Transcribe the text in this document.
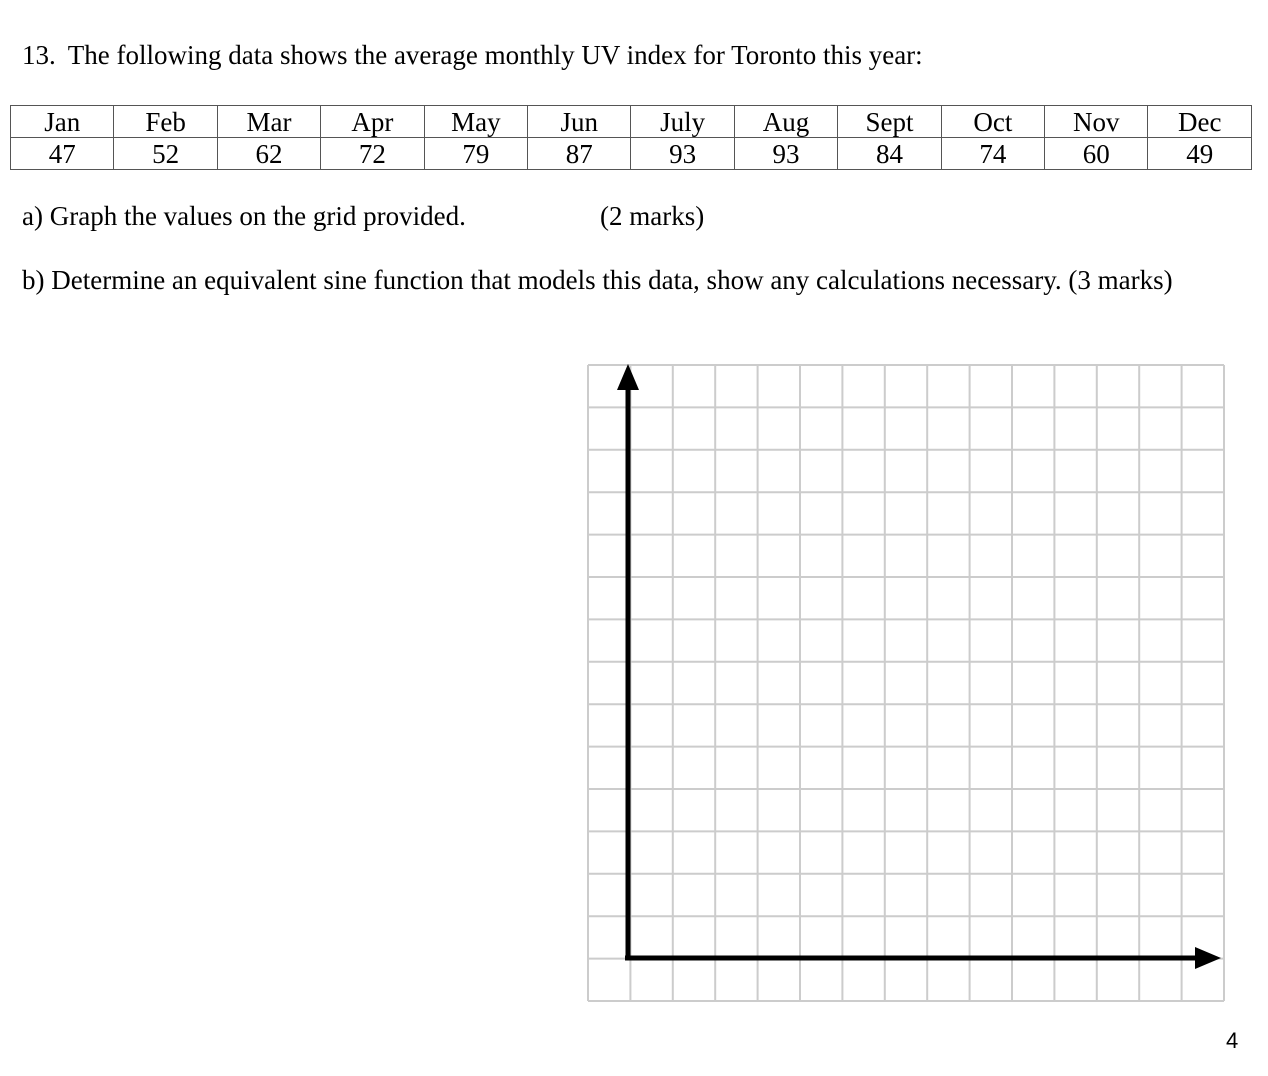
13. The following data shows the average monthly UV index for Toronto this year:
Jan	Feb	Mar	Apr	May	Jun	July	Aug	Sept	Oct	Nov	Dec
47	52	62	72	79	87	93	93	84	74	60	49
a) Graph the values on the grid provided.	(2 marks)
b) Determine an equivalent sine function that models this data, show any calculations necessary. (3 marks)
4
